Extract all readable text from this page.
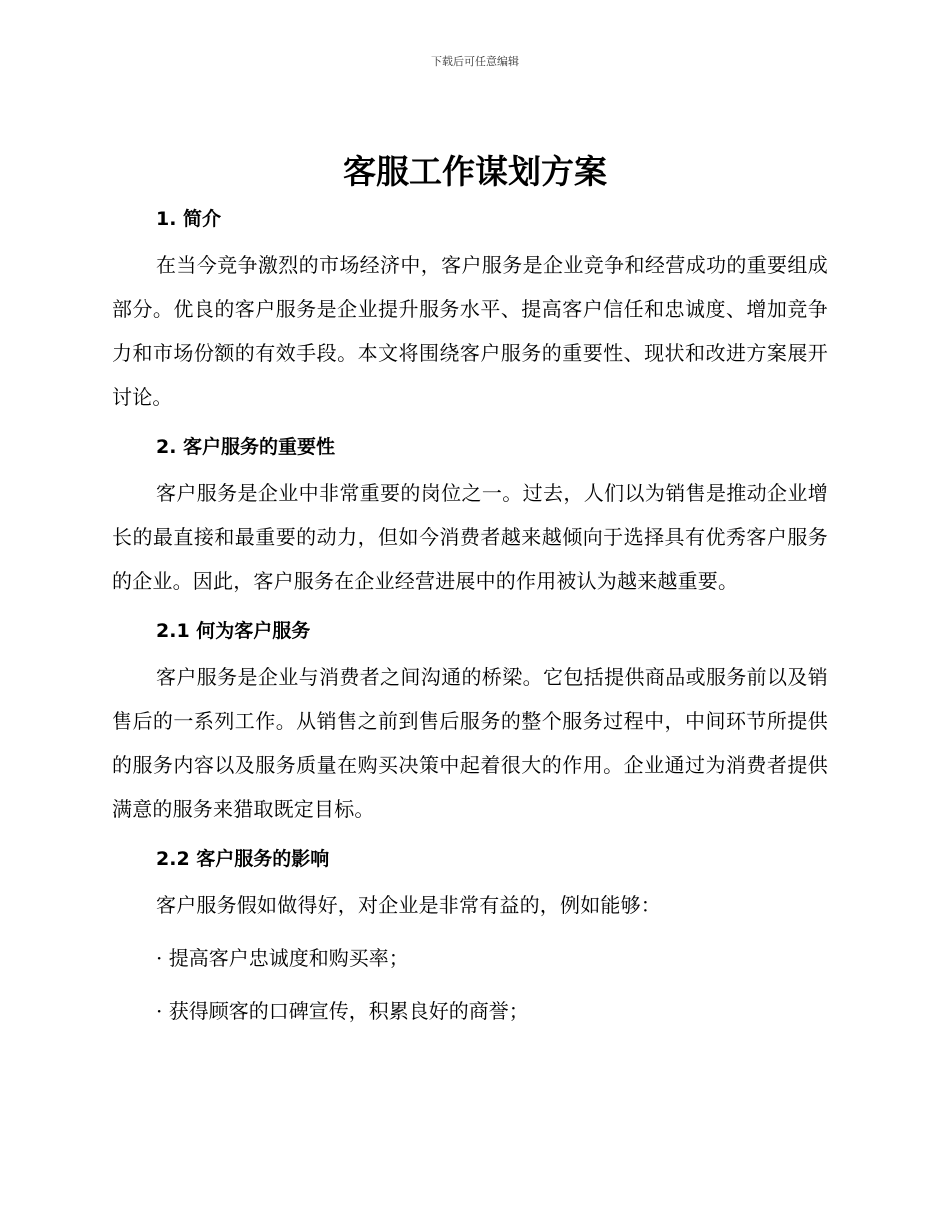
下载后可任意编辑
客服工作谋划方案
1. 简介

在当今竞争激烈的市场经济中，客户服务是企业竞争和经营成功的重要组成部分。优良的客户服务是企业提升服务水平、提高客户信任和忠诚度、增加竞争力和市场份额的有效手段。本文将围绕客户服务的重要性、现状和改进方案展开讨论。

2. 客户服务的重要性

客户服务是企业中非常重要的岗位之一。过去，人们以为销售是推动企业增长的最直接和最重要的动力，但如今消费者越来越倾向于选择具有优秀客户服务的企业。因此，客户服务在企业经营进展中的作用被认为越来越重要。

2.1 何为客户服务

客户服务是企业与消费者之间沟通的桥梁。它包括提供商品或服务前以及销售后的一系列工作。从销售之前到售后服务的整个服务过程中，中间环节所提供的服务内容以及服务质量在购买决策中起着很大的作用。企业通过为消费者提供满意的服务来猎取既定目标。

2.2 客户服务的影响

客户服务假如做得好，对企业是非常有益的，例如能够：

· 提高客户忠诚度和购买率；

· 获得顾客的口碑宣传，积累良好的商誉；
